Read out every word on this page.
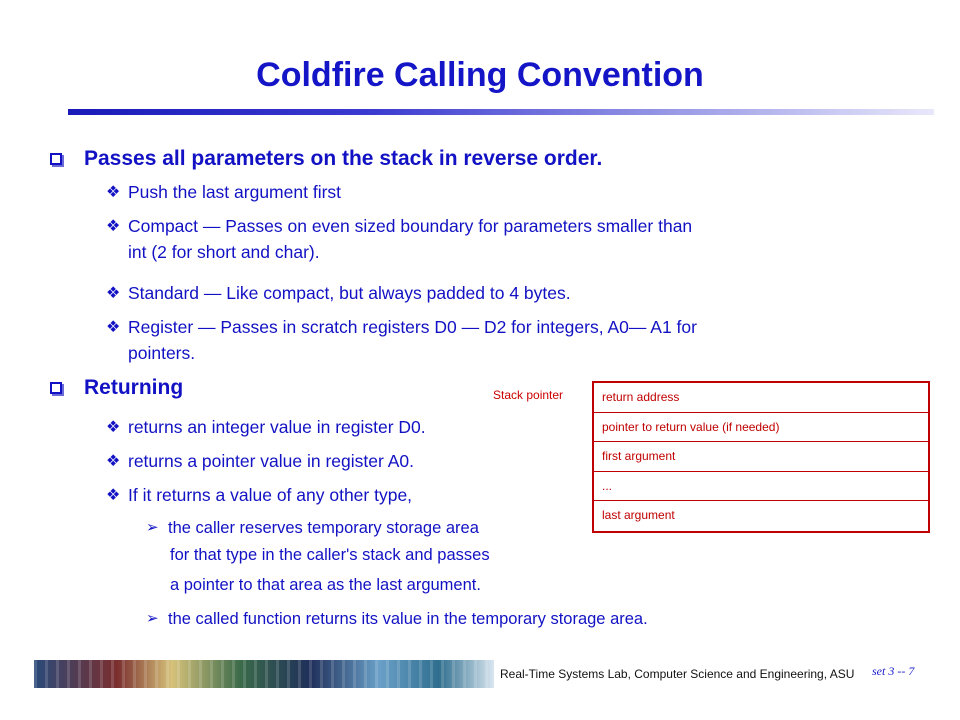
Coldfire Calling Convention
Passes all parameters on the stack in reverse order.
❖ Push the last argument first
❖ Compact — Passes on even sized boundary for parameters smaller than
int (2 for short and char).
❖ Standard — Like compact, but always padded to 4 bytes.
❖ Register — Passes in scratch registers D0 — D2 for integers, A0— A1 for
pointers.
Returning
❖ returns an integer value in register D0.
❖ returns a pointer value in register A0.
❖ If it returns a value of any other type,
➢ the caller reserves temporary storage area
for that type in the caller's stack and passes
a pointer to that area as the last argument.
➢ the called function returns its value in the temporary storage area.
Stack pointer	return address
pointer to return value (if needed)
first argument
...
last argument
Real-Time Systems Lab, Computer Science and Engineering, ASU set 3 -- 7
